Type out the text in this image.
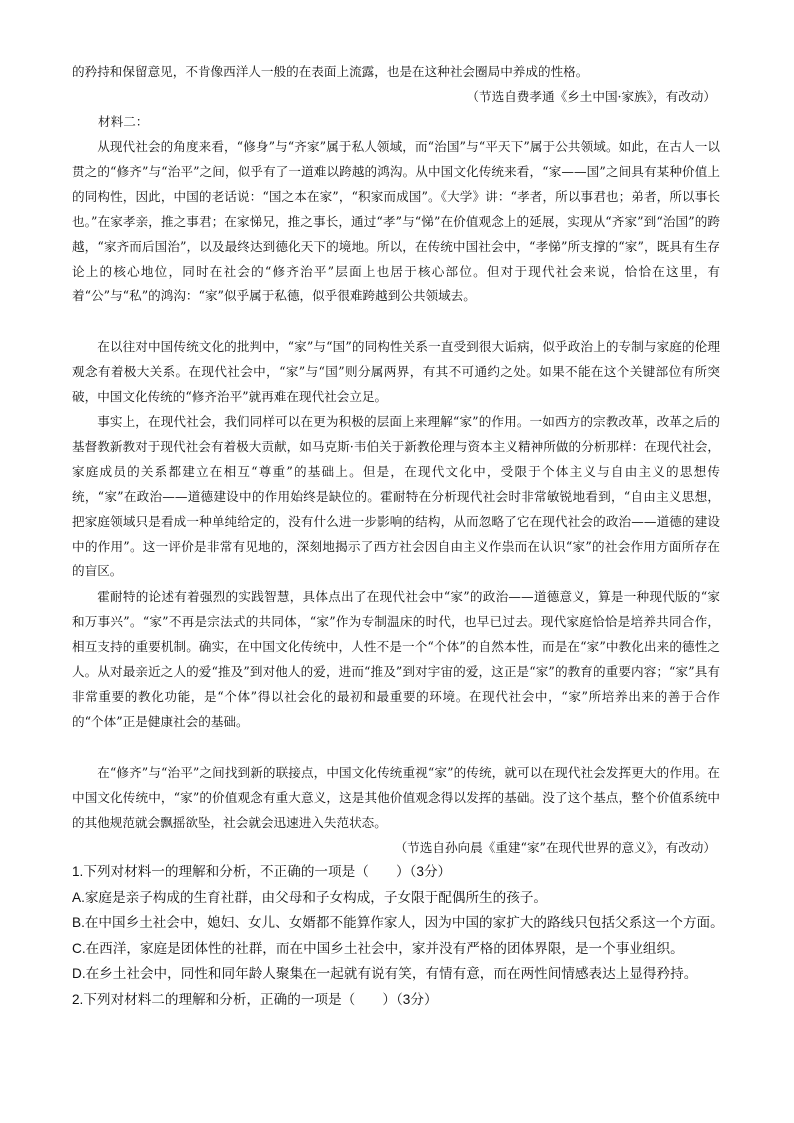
的矜持和保留意见，不肯像西洋人一般的在表面上流露，也是在这种社会圈局中养成的性格。

（节选自费孝通《乡土中国·家族》，有改动）

材料二：

从现代社会的角度来看，“修身”与“齐家”属于私人领域，而“治国”与“平天下”属于公共领域。如此，在古人一以贯之的“修齐”与“治平”之间，似乎有了一道难以跨越的鸿沟。从中国文化传统来看，“家——国”之间具有某种价值上的同构性，因此，中国的老话说：“国之本在家”，“积家而成国”。《大学》讲：“孝者，所以事君也；弟者，所以事长也。”在家孝亲，推之事君；在家悌兄，推之事长，通过“孝”与“悌”在价值观念上的延展，实现从“齐家”到“治国”的跨越，“家齐而后国治”，以及最终达到德化天下的境地。所以，在传统中国社会中，“孝悌”所支撑的“家”，既具有生存论上的核心地位，同时在社会的“修齐治平”层面上也居于核心部位。但对于现代社会来说，恰恰在这里，有着“公”与“私”的鸿沟：“家”似乎属于私德，似乎很难跨越到公共领域去。

在以往对中国传统文化的批判中，“家”与“国”的同构性关系一直受到很大诟病，似乎政治上的专制与家庭的伦理观念有着极大关系。在现代社会中，“家”与“国”则分属两界，有其不可通约之处。如果不能在这个关键部位有所突破，中国文化传统的“修齐治平”就再难在现代社会立足。

事实上，在现代社会，我们同样可以在更为积极的层面上来理解“家”的作用。一如西方的宗教改革，改革之后的基督教新教对于现代社会有着极大贡献，如马克斯·韦伯关于新教伦理与资本主义精神所做的分析那样：在现代社会，家庭成员的关系都建立在相互“尊重”的基础上。但是，在现代文化中，受限于个体主义与自由主义的思想传统，“家”在政治——道德建设中的作用始终是缺位的。霍耐特在分析现代社会时非常敏锐地看到，“自由主义思想，把家庭领域只是看成一种单纯给定的，没有什么进一步影响的结构，从而忽略了它在现代社会的政治——道德的建设中的作用”。这一评价是非常有见地的，深刻地揭示了西方社会因自由主义作祟而在认识“家”的社会作用方面所存在的盲区。

霍耐特的论述有着强烈的实践智慧，具体点出了在现代社会中“家”的政治——道德意义，算是一种现代版的“家和万事兴”。“家”不再是宗法式的共同体，“家”作为专制温床的时代，也早已过去。现代家庭恰恰是培养共同合作，相互支持的重要机制。确实，在中国文化传统中，人性不是一个“个体”的自然本性，而是在“家”中教化出来的德性之人。从对最亲近之人的爱“推及”到对他人的爱，进而“推及”到对宇宙的爱，这正是“家”的教育的重要内容；“家”具有非常重要的教化功能，是“个体”得以社会化的最初和最重要的环境。在现代社会中，“家”所培养出来的善于合作的“个体”正是健康社会的基础。

在“修齐”与“治平”之间找到新的联接点，中国文化传统重视“家”的传统，就可以在现代社会发挥更大的作用。在中国文化传统中，“家”的价值观念有重大意义，这是其他价值观念得以发挥的基础。没了这个基点，整个价值系统中的其他规范就会飘摇欲坠，社会就会迅速进入失范状态。

（节选自孙向晨《重建“家”在现代世界的意义》，有改动）

1.下列对材料一的理解和分析，不正确的一项是（　　）（3分）

A.家庭是亲子构成的生育社群，由父母和子女构成，子女限于配偶所生的孩子。

B.在中国乡土社会中，媳妇、女儿、女婿都不能算作家人，因为中国的家扩大的路线只包括父系这一个方面。

C.在西洋，家庭是团体性的社群，而在中国乡土社会中，家并没有严格的团体界限，是一个事业组织。

D.在乡土社会中，同性和同年龄人聚集在一起就有说有笑，有情有意，而在两性间情感表达上显得矜持。

2.下列对材料二的理解和分析，正确的一项是（　　）（3分）
